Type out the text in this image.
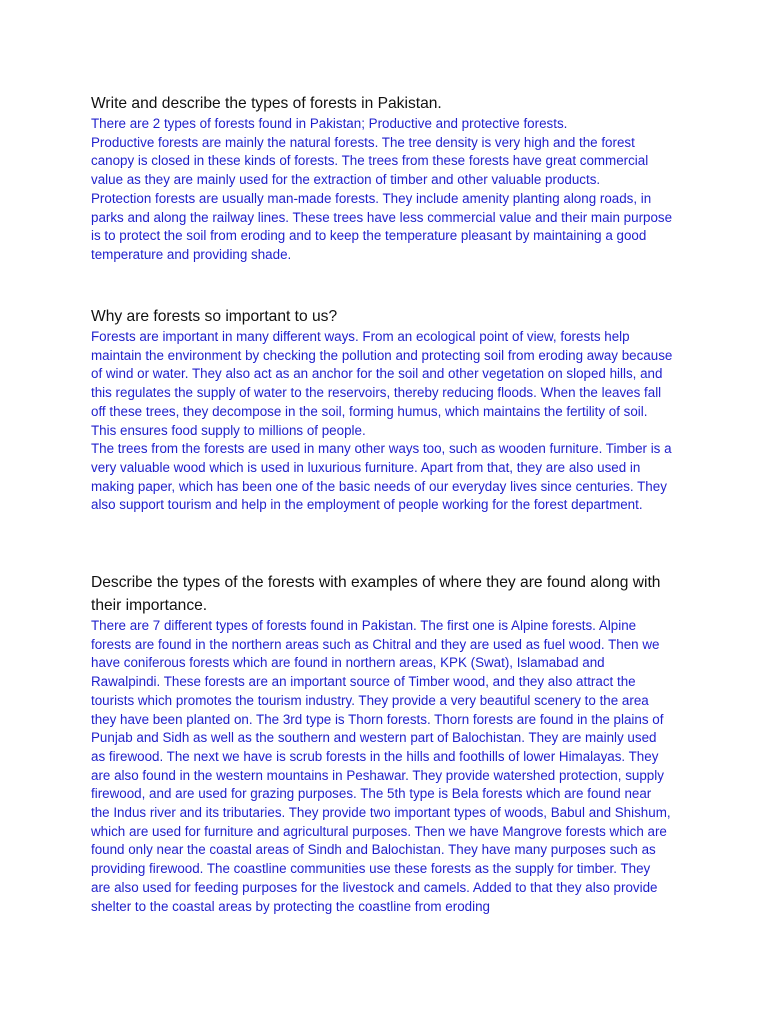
Write and describe the types of forests in Pakistan.

There are 2 types of forests found in Pakistan; Productive and protective forests.

Productive forests are mainly the natural forests. The tree density is very high and the forest canopy is closed in these kinds of forests. The trees from these forests have great commercial value as they are mainly used for the extraction of timber and other valuable products.

Protection forests are usually man-made forests. They include amenity planting along roads, in parks and along the railway lines. These trees have less commercial value and their main purpose is to protect the soil from eroding and to keep the temperature pleasant by maintaining a good temperature and providing shade.

Why are forests so important to us?

Forests are important in many different ways. From an ecological point of view, forests help maintain the environment by checking the pollution and protecting soil from eroding away because of wind or water. They also act as an anchor for the soil and other vegetation on sloped hills, and this regulates the supply of water to the reservoirs, thereby reducing floods. When the leaves fall off these trees, they decompose in the soil, forming humus, which maintains the fertility of soil. This ensures food supply to millions of people.

The trees from the forests are used in many other ways too, such as wooden furniture. Timber is a very valuable wood which is used in luxurious furniture. Apart from that, they are also used in making paper, which has been one of the basic needs of our everyday lives since centuries. They also support tourism and help in the employment of people working for the forest department.

Describe the types of the forests with examples of where they are found along with their importance.

There are 7 different types of forests found in Pakistan. The first one is Alpine forests. Alpine forests are found in the northern areas such as Chitral and they are used as fuel wood. Then we have coniferous forests which are found in northern areas, KPK (Swat), Islamabad and Rawalpindi. These forests are an important source of Timber wood, and they also attract the tourists which promotes the tourism industry. They provide a very beautiful scenery to the area they have been planted on. The 3rd type is Thorn forests. Thorn forests are found in the plains of Punjab and Sidh as well as the southern and western part of Balochistan. They are mainly used as firewood. The next we have is scrub forests in the hills and foothills of lower Himalayas. They are also found in the western mountains in Peshawar. They provide watershed protection, supply firewood, and are used for grazing purposes. The 5th type is Bela forests which are found near the Indus river and its tributaries. They provide two important types of woods, Babul and Shishum, which are used for furniture and agricultural purposes. Then we have Mangrove forests which are found only near the coastal areas of Sindh and Balochistan. They have many purposes such as providing firewood. The coastline communities use these forests as the supply for timber. They are also used for feeding purposes for the livestock and camels. Added to that they also provide shelter to the coastal areas by protecting the coastline from eroding
